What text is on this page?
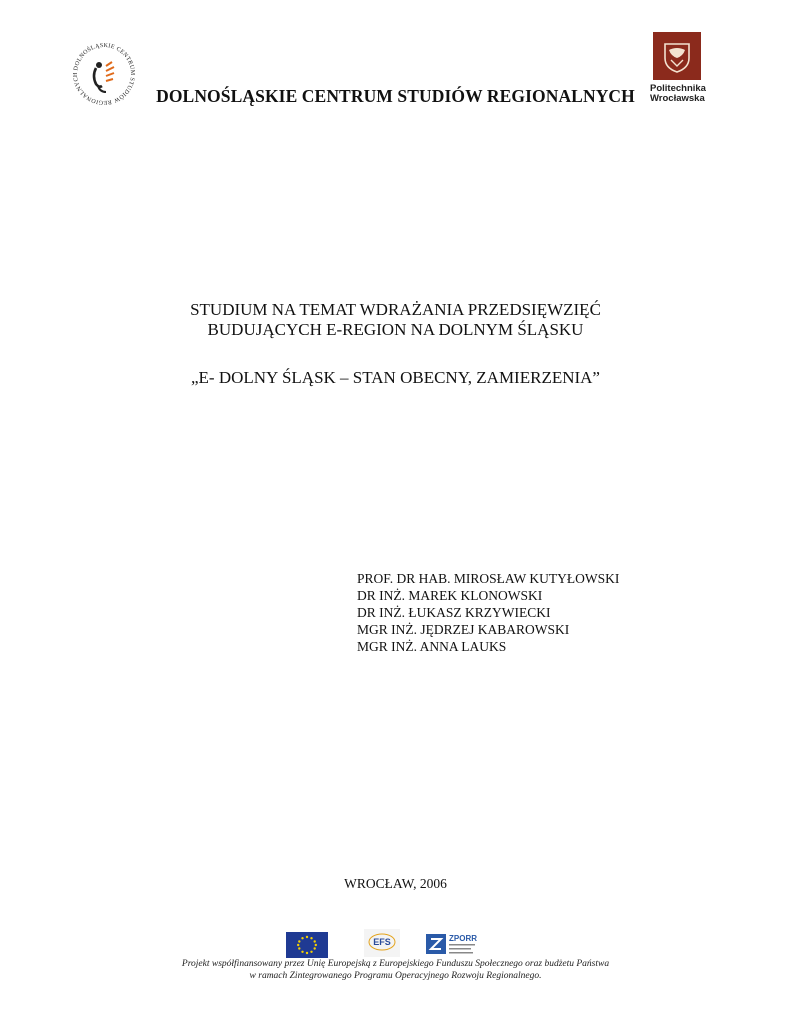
DOLNOŚLĄSKIE CENTRUM STUDIÓW REGIONALNYCH
Politechnika
Wrocławska
DOLNOŚLĄSKIE CENTRUM STUDIÓW REGIONALNYCH
STUDIUM NA TEMAT WDRAŻANIA PRZEDSIĘWZIĘĆ
BUDUJĄCYCH E-REGION NA DOLNYM ŚLĄSKU
„E- DOLNY ŚLĄSK – STAN OBECNY, ZAMIERZENIA”
PROF. DR HAB. MIROSŁAW KUTYŁOWSKI
DR INŻ. MAREK KLONOWSKI
DR INŻ. ŁUKASZ KRZYWIECKI
MGR INŻ. JĘDRZEJ KABAROWSKI
MGR INŻ. ANNA LAUKS
WROCŁAW, 2006
EFS	ZPORR
Projekt współfinansowany przez Unię Europejską z Europejskiego Funduszu Społecznego oraz budżetu Państwa
w ramach Zintegrowanego Programu Operacyjnego Rozwoju Regionalnego.
